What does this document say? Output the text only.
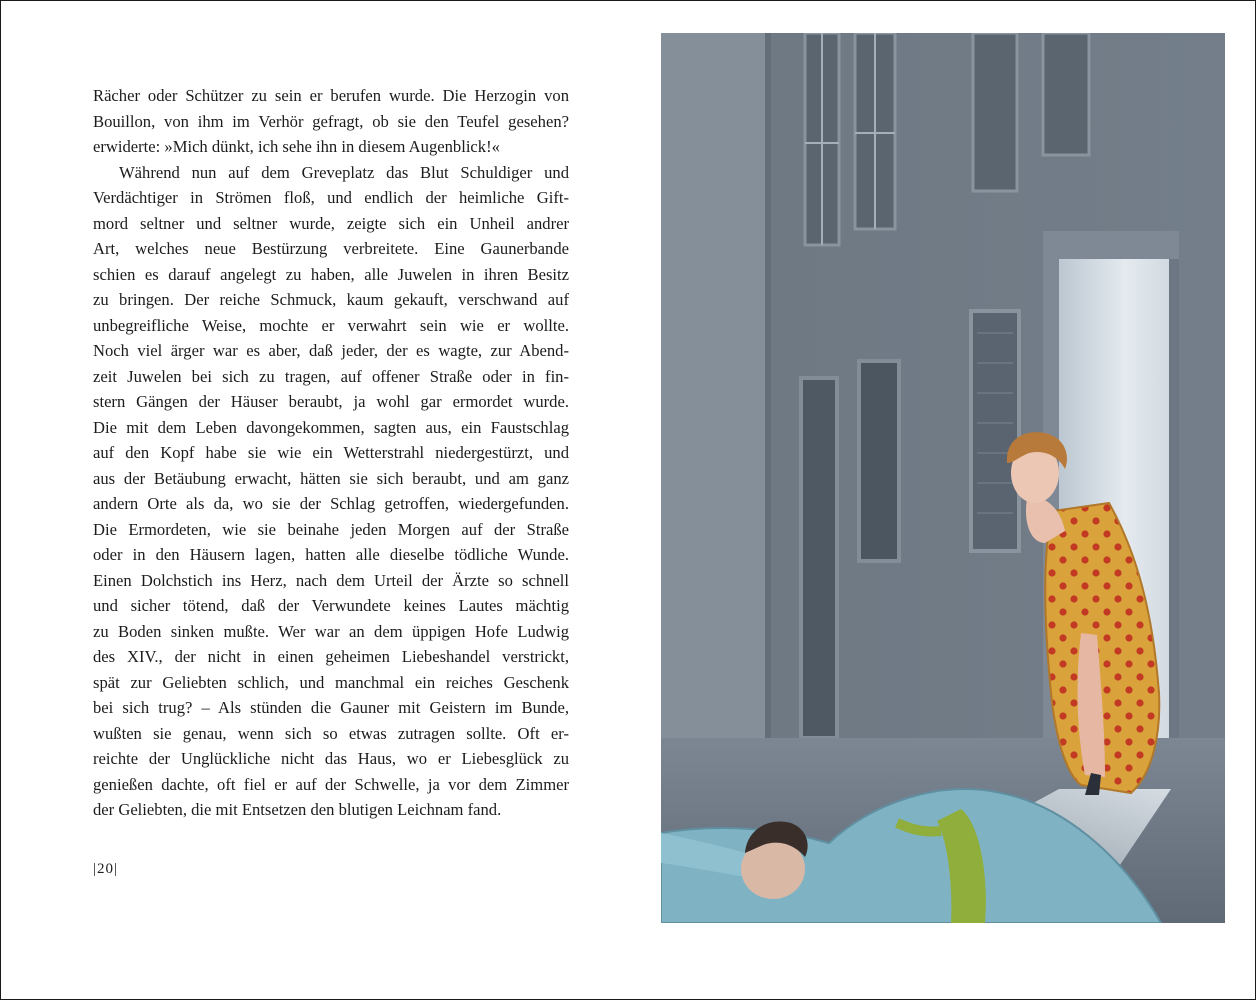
Rächer oder Schützer zu sein er berufen wurde. Die Herzogin von
Bouillon, von ihm im Verhör gefragt, ob sie den Teufel gesehen?
erwiderte: »Mich dünkt, ich sehe ihn in diesem Augenblick!«

Während nun auf dem Greveplatz das Blut Schuldiger und
Verdächtiger in Strömen floß, und endlich der heimliche Gift-
mord seltner und seltner wurde, zeigte sich ein Unheil andrer
Art, welches neue Bestürzung verbreitete. Eine Gaunerbande
schien es darauf angelegt zu haben, alle Juwelen in ihren Besitz
zu bringen. Der reiche Schmuck, kaum gekauft, verschwand auf
unbegreifliche Weise, mochte er verwahrt sein wie er wollte.
Noch viel ärger war es aber, daß jeder, der es wagte, zur Abend-
zeit Juwelen bei sich zu tragen, auf offener Straße oder in fin-
stern Gängen der Häuser beraubt, ja wohl gar ermordet wurde.
Die mit dem Leben davongekommen, sagten aus, ein Faustschlag
auf den Kopf habe sie wie ein Wetterstrahl niedergestürzt, und
aus der Betäubung erwacht, hätten sie sich beraubt, und am ganz
andern Orte als da, wo sie der Schlag getroffen, wiedergefunden.
Die Ermordeten, wie sie beinahe jeden Morgen auf der Straße
oder in den Häusern lagen, hatten alle dieselbe tödliche Wunde.
Einen Dolchstich ins Herz, nach dem Urteil der Ärzte so schnell
und sicher tötend, daß der Verwundete keines Lautes mächtig
zu Boden sinken mußte. Wer war an dem üppigen Hofe Ludwig
des XIV., der nicht in einen geheimen Liebeshandel verstrickt,
spät zur Geliebten schlich, und manchmal ein reiches Geschenk
bei sich trug? – Als stünden die Gauner mit Geistern im Bunde,
wußten sie genau, wenn sich so etwas zutragen sollte. Oft er-
reichte der Unglückliche nicht das Haus, wo er Liebesglück zu
genießen dachte, oft fiel er auf der Schwelle, ja vor dem Zimmer
der Geliebten, die mit Entsetzen den blutigen Leichnam fand.

|20|
